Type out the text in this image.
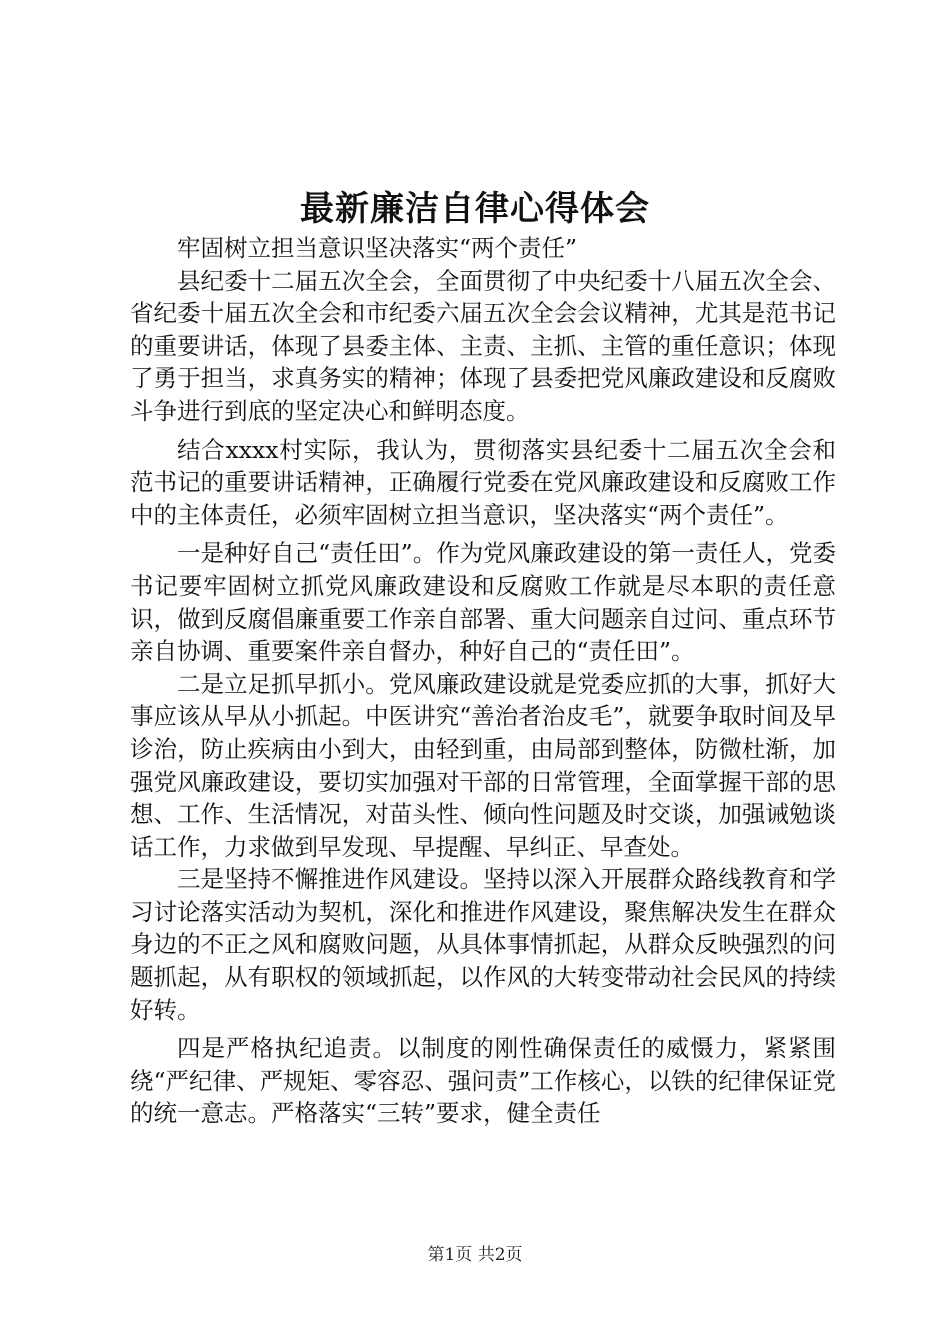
最新廉洁自律心得体会

牢固树立担当意识坚决落实“两个责任”

县纪委十二届五次全会，全面贯彻了中央纪委十八届五次全会、省纪委十届五次全会和市纪委六届五次全会会议精神，尤其是范书记的重要讲话，体现了县委主体、主责、主抓、主管的重任意识；体现了勇于担当，求真务实的精神；体现了县委把党风廉政建设和反腐败斗争进行到底的坚定决心和鲜明态度。

结合xxxx村实际，我认为，贯彻落实县纪委十二届五次全会和范书记的重要讲话精神，正确履行党委在党风廉政建设和反腐败工作中的主体责任，必须牢固树立担当意识，坚决落实“两个责任”。

一是种好自己“责任田”。作为党风廉政建设的第一责任人，党委书记要牢固树立抓党风廉政建设和反腐败工作就是尽本职的责任意识，做到反腐倡廉重要工作亲自部署、重大问题亲自过问、重点环节亲自协调、重要案件亲自督办，种好自己的“责任田”。

二是立足抓早抓小。党风廉政建设就是党委应抓的大事，抓好大事应该从早从小抓起。中医讲究“善治者治皮毛”，就要争取时间及早诊治，防止疾病由小到大，由轻到重，由局部到整体，防微杜渐，加强党风廉政建设，要切实加强对干部的日常管理，全面掌握干部的思想、工作、生活情况，对苗头性、倾向性问题及时交谈，加强诫勉谈话工作，力求做到早发现、早提醒、早纠正、早查处。

三是坚持不懈推进作风建设。坚持以深入开展群众路线教育和学习讨论落实活动为契机，深化和推进作风建设，聚焦解决发生在群众身边的不正之风和腐败问题，从具体事情抓起，从群众反映强烈的问题抓起，从有职权的领域抓起，以作风的大转变带动社会民风的持续好转。

四是严格执纪追责。以制度的刚性确保责任的威慑力，紧紧围绕“严纪律、严规矩、零容忍、强问责”工作核心，以铁的纪律保证党的统一意志。严格落实“三转”要求，健全责任

第1页 共2页
